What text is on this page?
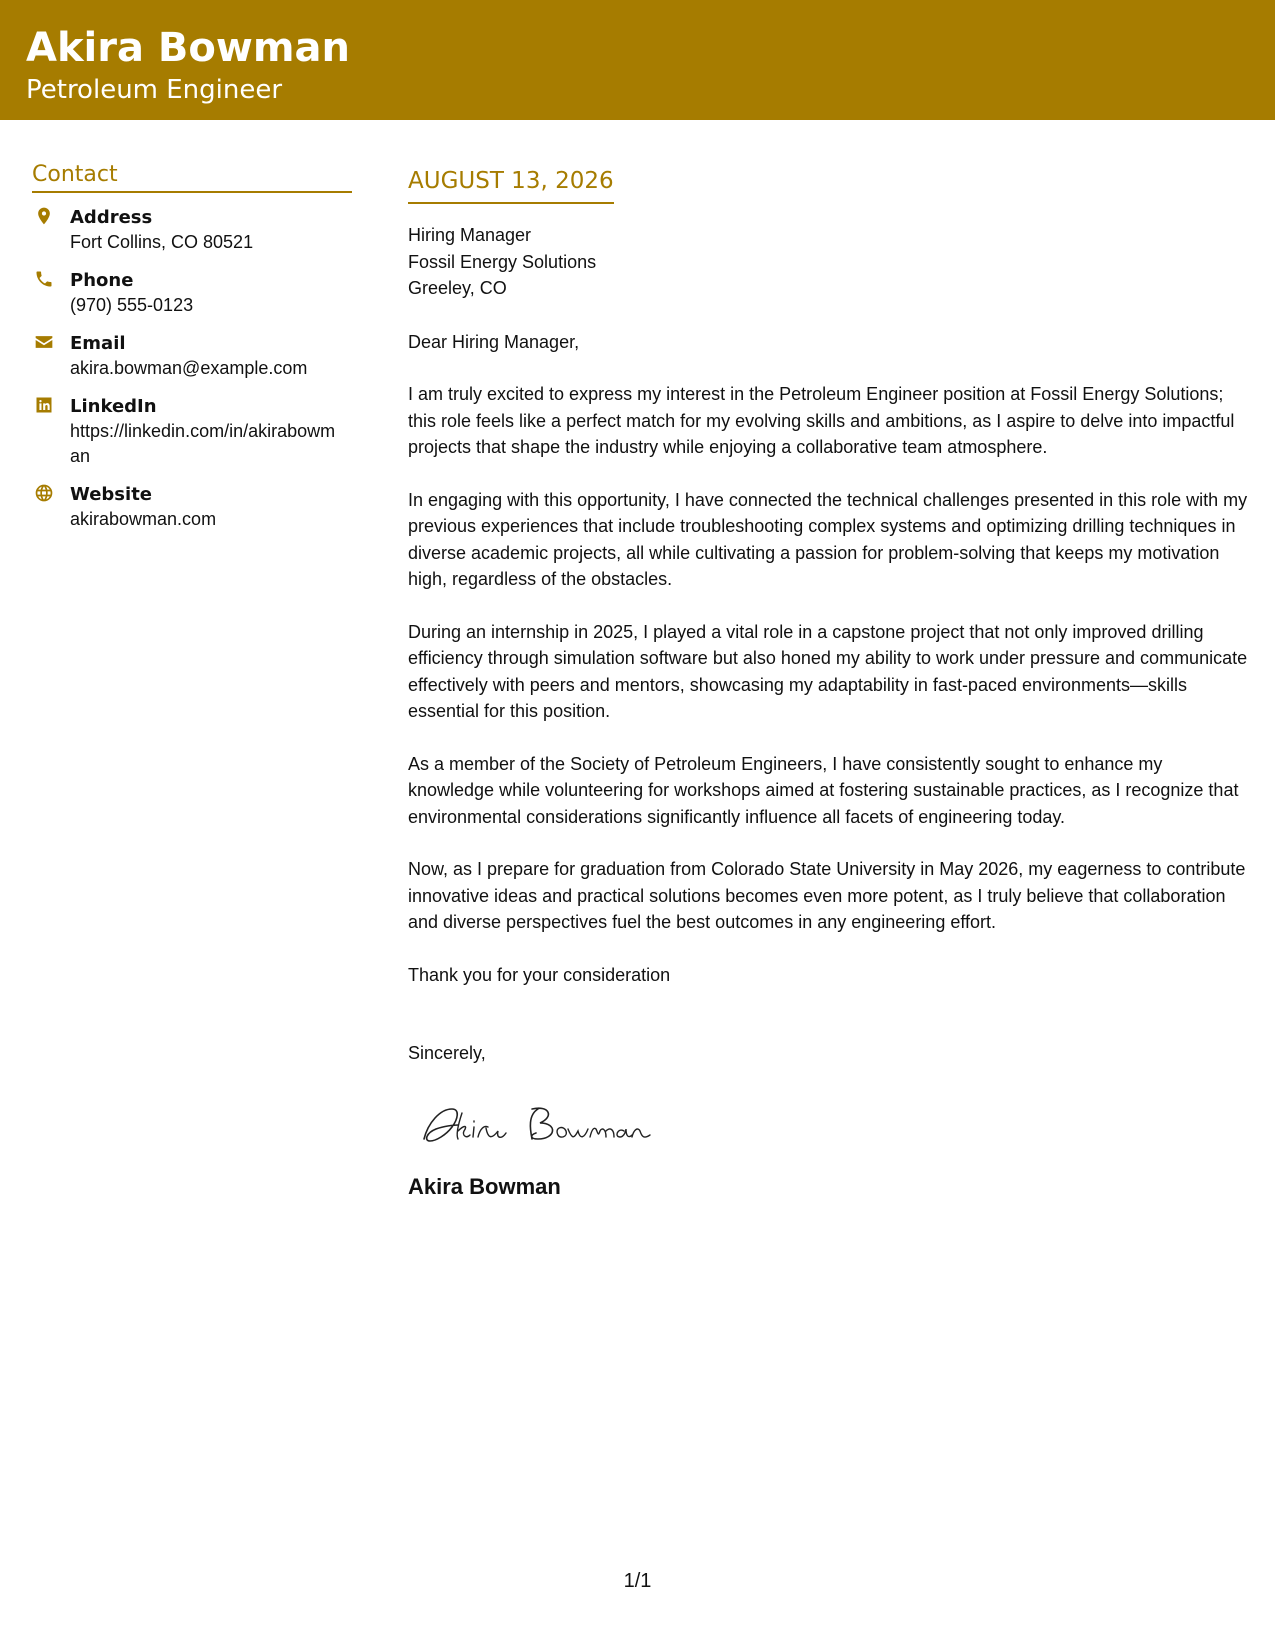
Akira Bowman
Petroleum Engineer
Contact
Address
Fort Collins, CO 80521
Phone
(970) 555-0123
Email
akira.bowman@example.com
LinkedIn
https://linkedin.com/in/akirabowman
Website
akirabowman.com
AUGUST 13, 2026
Hiring Manager
Fossil Energy Solutions
Greeley, CO
Dear Hiring Manager,

I am truly excited to express my interest in the Petroleum Engineer position at Fossil Energy Solutions; this role feels like a perfect match for my evolving skills and ambitions, as I aspire to delve into impactful projects that shape the industry while enjoying a collaborative team atmosphere.

In engaging with this opportunity, I have connected the technical challenges presented in this role with my previous experiences that include troubleshooting complex systems and optimizing drilling techniques in diverse academic projects, all while cultivating a passion for problem-solving that keeps my motivation high, regardless of the obstacles.

During an internship in 2025, I played a vital role in a capstone project that not only improved drilling efficiency through simulation software but also honed my ability to work under pressure and communicate effectively with peers and mentors, showcasing my adaptability in fast-paced environments—skills essential for this position.

As a member of the Society of Petroleum Engineers, I have consistently sought to enhance my knowledge while volunteering for workshops aimed at fostering sustainable practices, as I recognize that environmental considerations significantly influence all facets of engineering today.

Now, as I prepare for graduation from Colorado State University in May 2026, my eagerness to contribute innovative ideas and practical solutions becomes even more potent, as I truly believe that collaboration and diverse perspectives fuel the best outcomes in any engineering effort.

Thank you for your consideration
Sincerely,
Akira Bowman
1/1
